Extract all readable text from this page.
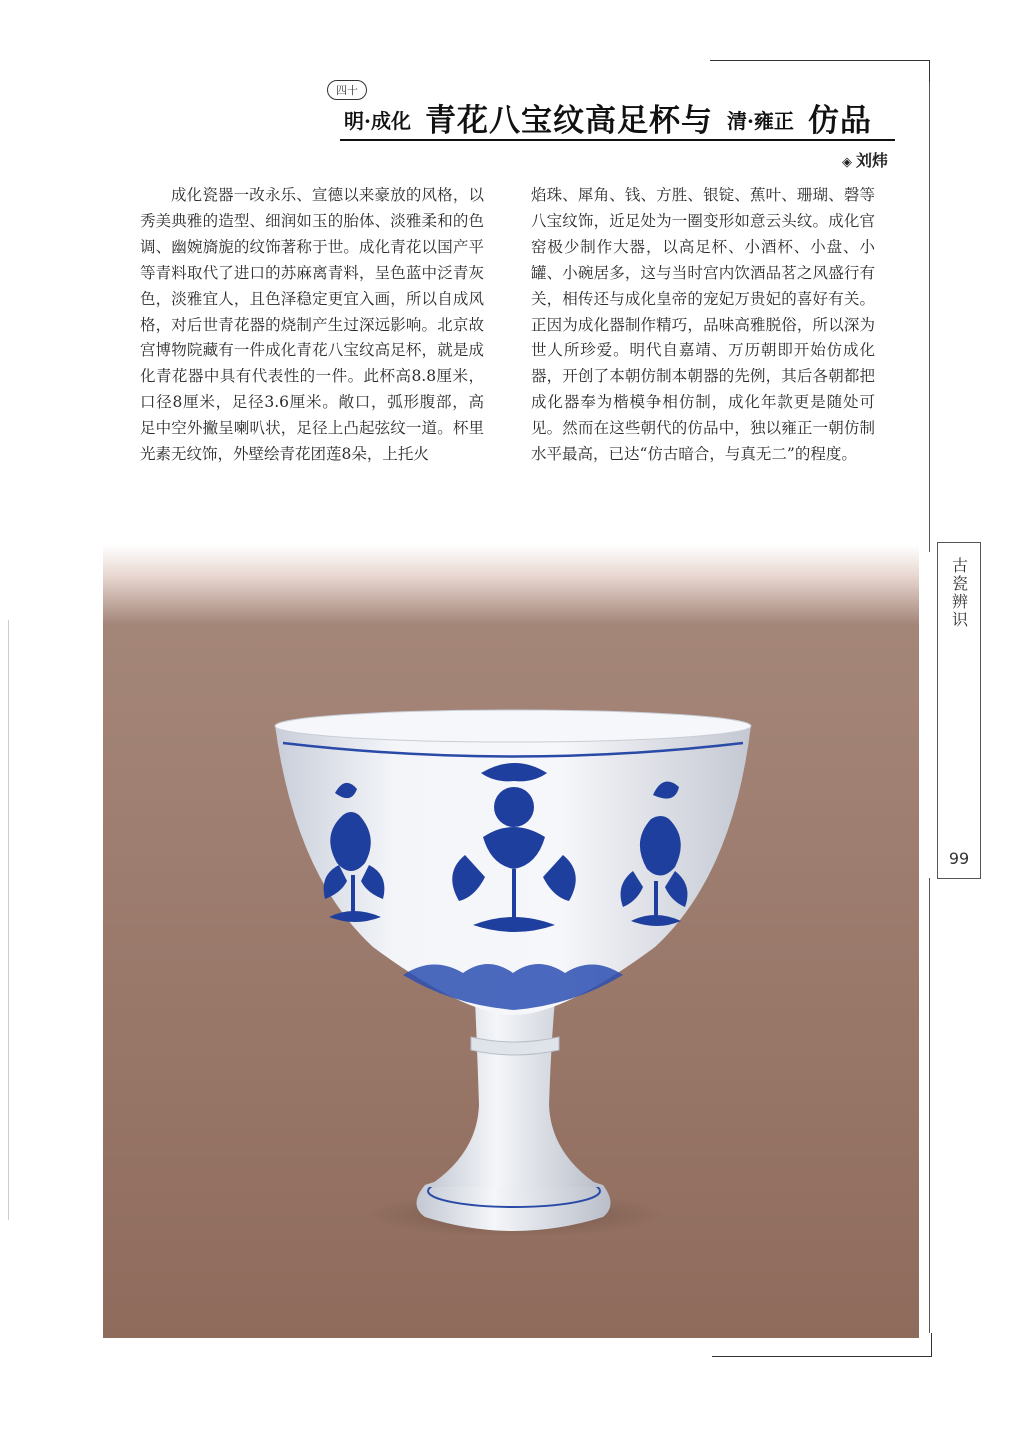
四十
明·成化 青花八宝纹高足杯与 清·雍正 仿品
◈ 刘炜
成化瓷器一改永乐、宣德以来豪放的风格，以秀美典雅的造型、细润如玉的胎体、淡雅柔和的色调、幽婉旖旎的纹饰著称于世。成化青花以国产平等青料取代了进口的苏麻离青料，呈色蓝中泛青灰色，淡雅宜人，且色泽稳定更宜入画，所以自成风格，对后世青花器的烧制产生过深远影响。北京故宫博物院藏有一件成化青花八宝纹高足杯，就是成化青花器中具有代表性的一件。此杯高8.8厘米，口径8厘米，足径3.6厘米。敞口，弧形腹部，高足中空外撇呈喇叭状，足径上凸起弦纹一道。杯里光素无纹饰，外壁绘青花团莲8朵，上托火
焰珠、犀角、钱、方胜、银锭、蕉叶、珊瑚、磬等八宝纹饰，近足处为一圈变形如意云头纹。成化官窑极少制作大器，以高足杯、小酒杯、小盘、小罐、小碗居多，这与当时宫内饮酒品茗之风盛行有关，相传还与成化皇帝的宠妃万贵妃的喜好有关。正因为成化器制作精巧，品味高雅脱俗，所以深为世人所珍爱。明代自嘉靖、万历朝即开始仿成化器，开创了本朝仿制本朝器的先例，其后各朝都把成化器奉为楷模争相仿制，成化年款更是随处可见。然而在这些朝代的仿品中，独以雍正一朝仿制水平最高，已达“仿古暗合，与真无二”的程度。
古瓷辨识
99
